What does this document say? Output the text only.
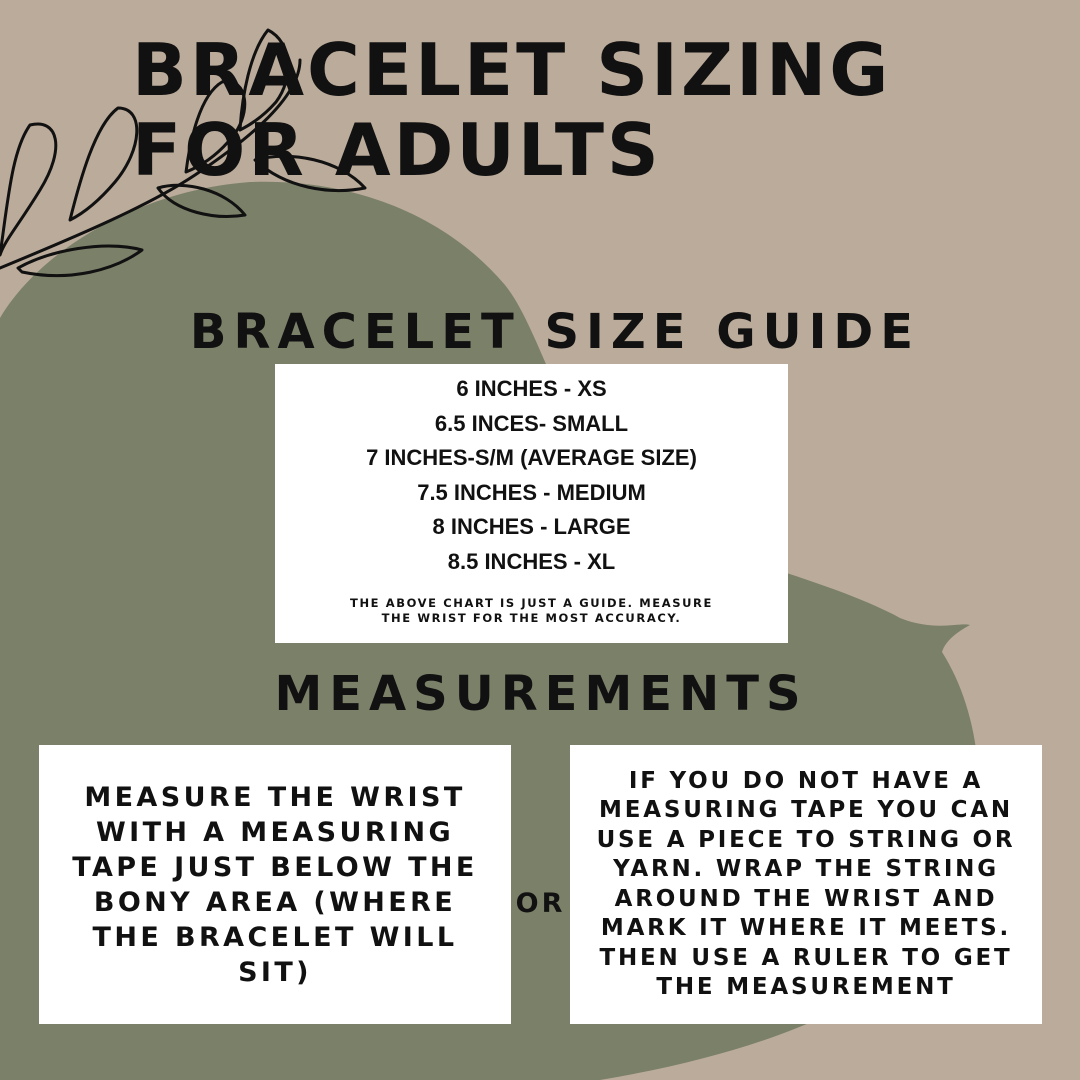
BRACELET SIZING
FOR ADULTS
BRACELET SIZE GUIDE
6 INCHES - XS
6.5 INCES- SMALL
7 INCHES-S/M (AVERAGE SIZE)
7.5 INCHES - MEDIUM
8 INCHES - LARGE
8.5 INCHES - XL

THE ABOVE CHART IS JUST A GUIDE. MEASURE
THE WRIST FOR THE MOST ACCURACY.

MEASUREMENTS

MEASURE THE WRIST WITH A MEASURING TAPE JUST BELOW THE BONY AREA (WHERE THE BRACELET WILL SIT)

OR

IF YOU DO NOT HAVE A MEASURING TAPE YOU CAN USE A PIECE TO STRING OR YARN. WRAP THE STRING AROUND THE WRIST AND MARK IT WHERE IT MEETS. THEN USE A RULER TO GET THE MEASUREMENT
